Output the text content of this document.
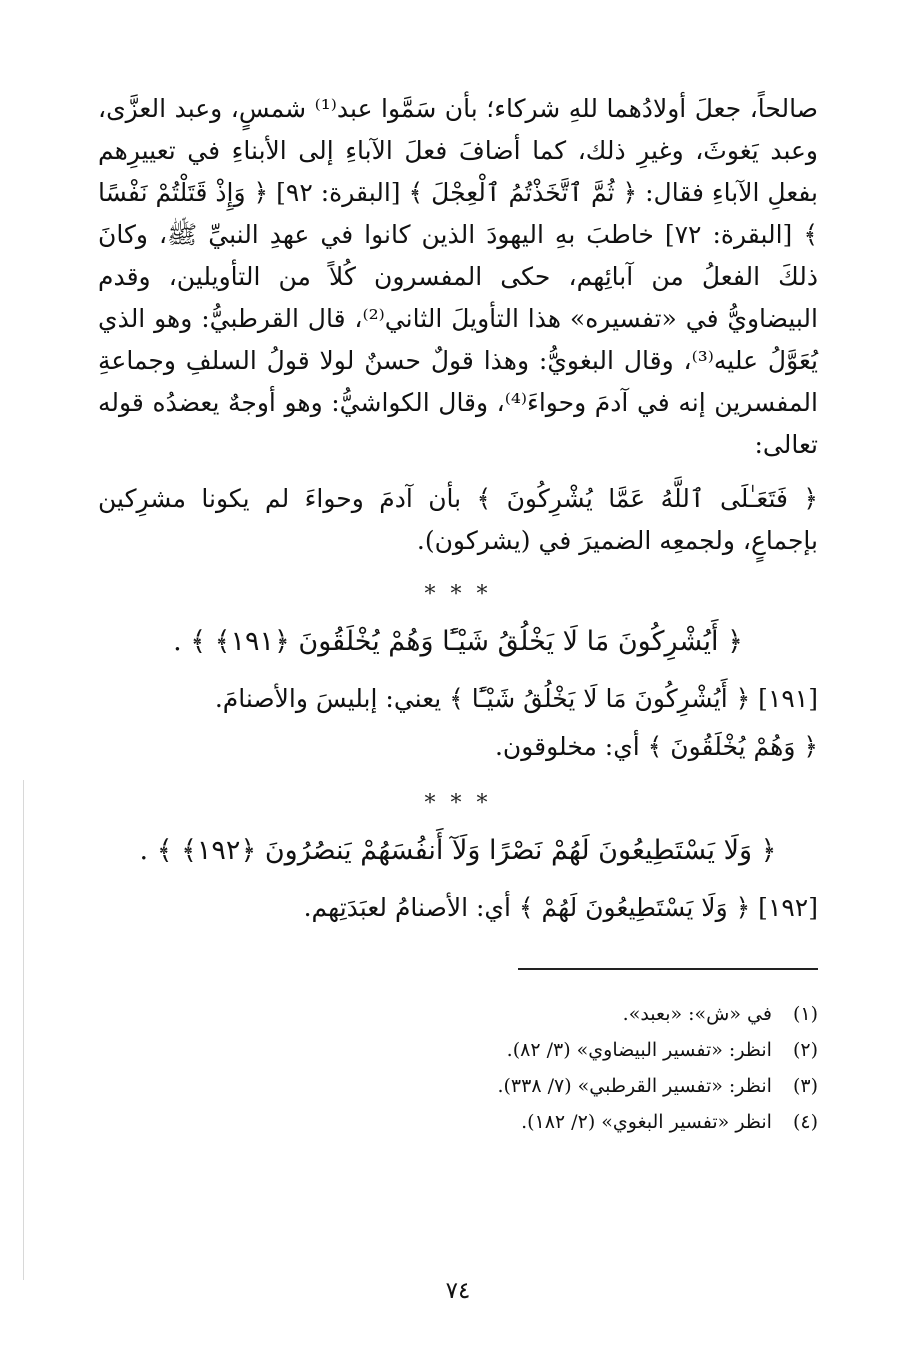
صالحاً، جعلَ أولادُهما للهِ شركاء؛ بأن سَمَّوا عبد⁽¹⁾ شمسٍ، وعبد العزَّى، وعبد يَغوثَ، وغيرِ ذلك، كما أضافَ فعلَ الآباءِ إلى الأبناءِ في تعييرِهم بفعلِ الآباءِ فقال: ﴿ ثُمَّ ٱتَّخَذْتُمُ ٱلْعِجْلَ ﴾ [البقرة: ٩٢] ﴿ وَإِذْ قَتَلْتُمْ نَفْسًا ﴾ [البقرة: ٧٢] خاطبَ بهِ اليهودَ الذين كانوا في عهدِ النبيِّ ﷺ، وكانَ ذلكَ الفعلُ من آبائِهم، حكى المفسرون كُلاً من التأويلين، وقدم البيضاويُّ في «تفسيره» هذا التأويلَ الثاني⁽²⁾، قال القرطبيُّ: وهو الذي يُعَوَّلُ عليه⁽³⁾، وقال البغويُّ: وهذا قولٌ حسنٌ لولا قولُ السلفِ وجماعةِ المفسرين إنه في آدمَ وحواءَ⁽⁴⁾، وقال الكواشيُّ: وهو أوجهٌ يعضدُه قوله تعالى:

﴿ فَتَعَـٰلَى ٱللَّهُ عَمَّا يُشْرِكُونَ ﴾ بأن آدمَ وحواءَ لم يكونا مشرِكين بإجماعٍ، ولجمعِه الضميرَ في (يشركون).

* * *
﴿ أَيُشْرِكُونَ مَا لَا يَخْلُقُ شَيْـًٔا وَهُمْ يُخْلَقُونَ ﴿١٩١﴾ ﴾ .

[١٩١] ﴿ أَيُشْرِكُونَ مَا لَا يَخْلُقُ شَيْـًٔا ﴾ يعني: إبليسَ والأصنامَ.

﴿ وَهُمْ يُخْلَقُونَ ﴾ أي: مخلوقون.

* * *
﴿ وَلَا يَسْتَطِيعُونَ لَهُمْ نَصْرًا وَلَآ أَنفُسَهُمْ يَنصُرُونَ ﴿١٩٢﴾ ﴾ .

[١٩٢] ﴿ وَلَا يَسْتَطِيعُونَ لَهُمْ ﴾ أي: الأصنامُ لعبَدَتِهم.

(١) في «ش»: «بعبد».
(٢) انظر: «تفسير البيضاوي» (٣/ ٨٢).
(٣) انظر: «تفسير القرطبي» (٧/ ٣٣٨).
(٤) انظر «تفسير البغوي» (٢/ ١٨٢).
٧٤
